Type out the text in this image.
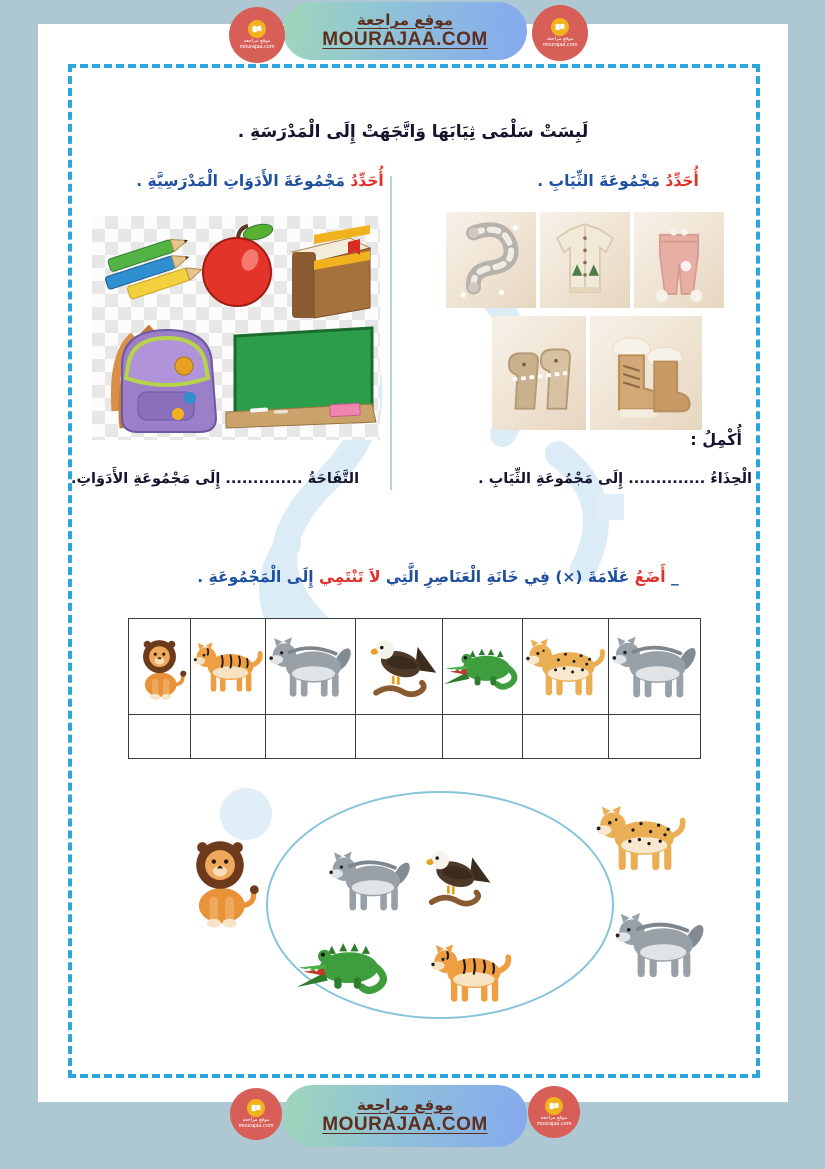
لَبِسَتْ سَلْمَى ثِيَابَهَا وَاتَّجَهَتْ إِلَى الْمَدْرَسَةِ .
أُحَدِّدُ مَجْمُوعَةَ الثِّيَابِ .
أُحَدِّدُ مَجْمُوعَةَ الأَدَوَاتِ الْمَدْرَسِيَّةِ .
أُكْمِلُ :
الْحِذَاءُ .............. إِلَى مَجْمُوعَةِ الثِّيَابِ .
التَّفَاحَةُ .............. إِلَى مَجْمُوعَةِ الأَدَوَاتِ.
_ أَضَعُ عَلَامَةَ (×) فِي خَانَةِ الْعَنَاصِرِ الَّتِي لاَ تَنْتَمِي إِلَى الْمَجْمُوعَةِ .

موقع مراجعة
MOURAJAA.COM
موقع مراجعة
mourajaa.com
موقع مراجعة
mourajaa.com
موقع مراجعة
MOURAJAA.COM
موقع مراجعة
mourajaa.com
موقع مراجعة
mourajaa.com
